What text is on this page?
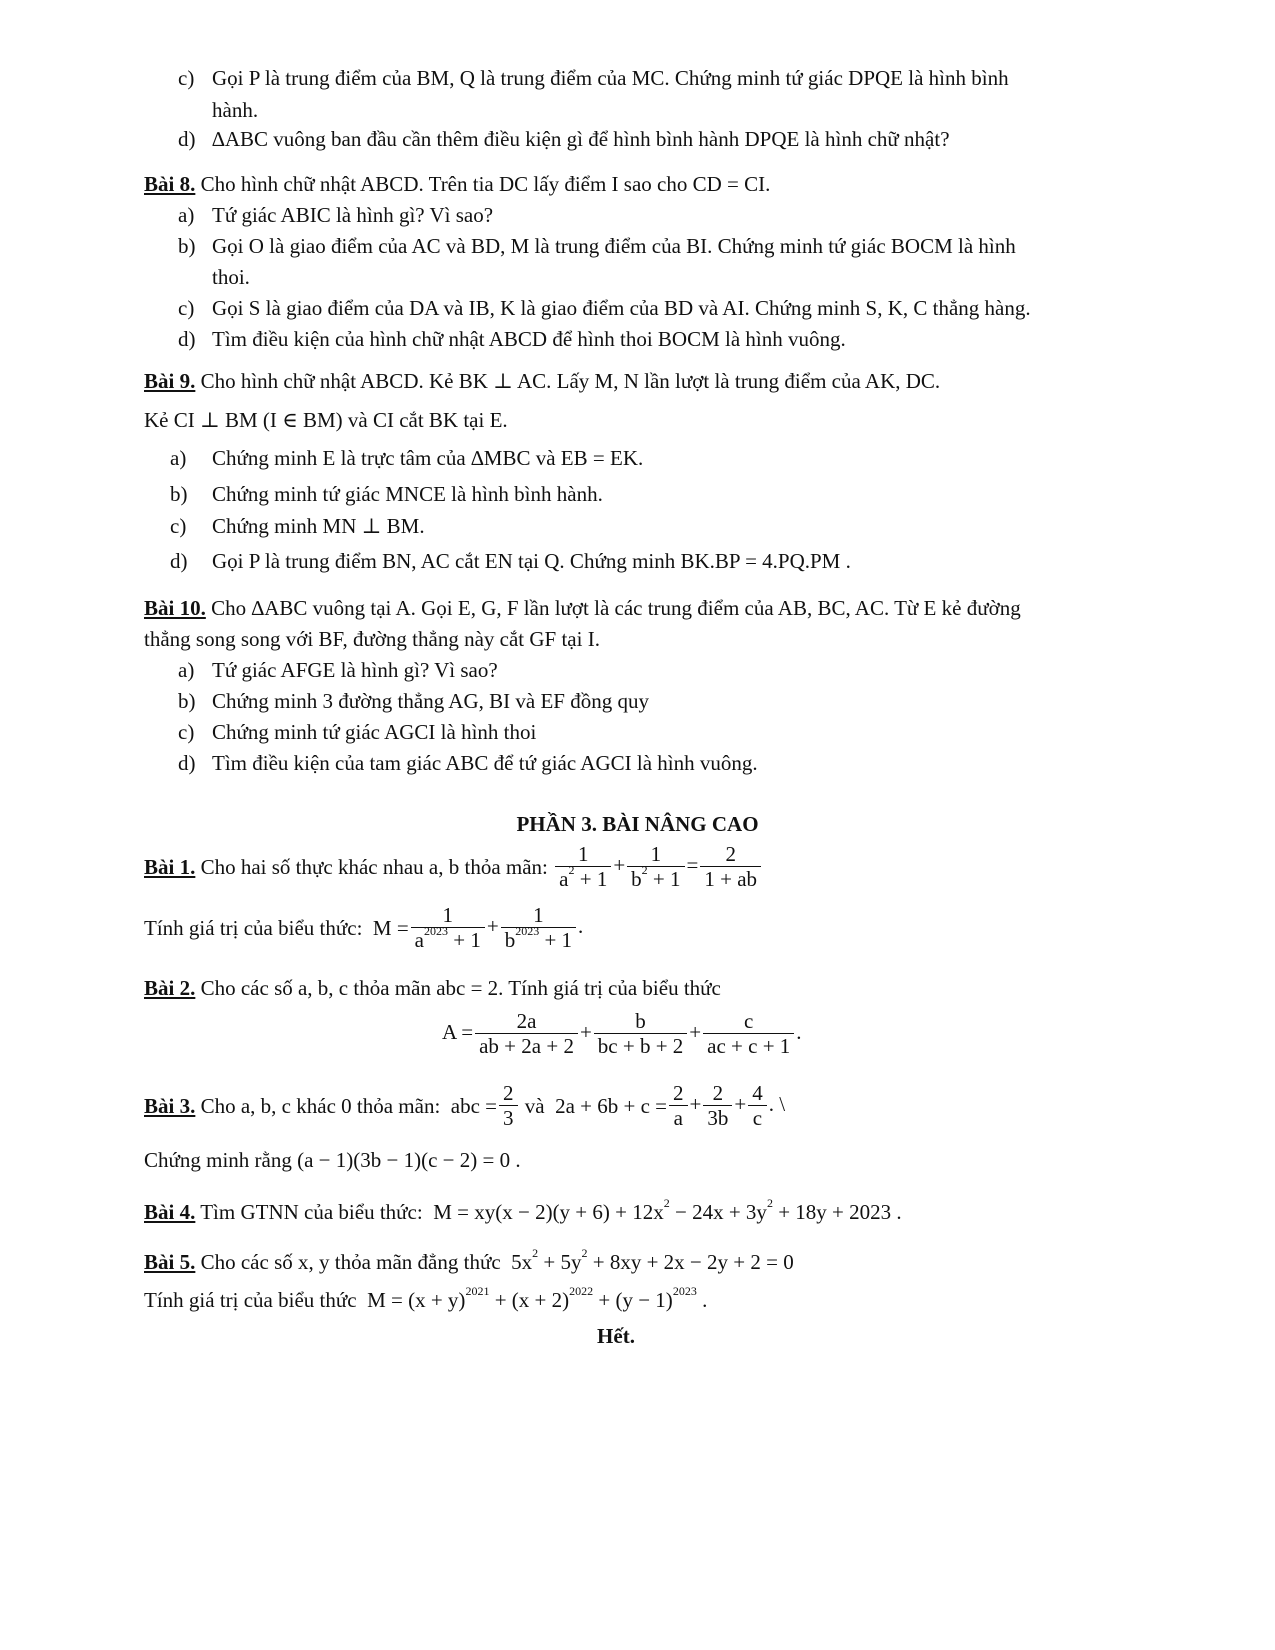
c) Gọi P là trung điểm của BM, Q là trung điểm của MC. Chứng minh tứ giác DPQE là hình bình
hành.
d) ∆ABC vuông ban đầu cần thêm điều kiện gì để hình bình hành DPQE là hình chữ nhật?
Bài 8. Cho hình chữ nhật ABCD. Trên tia DC lấy điểm I sao cho CD = CI.
a) Tứ giác ABIC là hình gì? Vì sao?
b) Gọi O là giao điểm của AC và BD, M là trung điểm của BI. Chứng minh tứ giác BOCM là hình
thoi.
c) Gọi S là giao điểm của DA và IB, K là giao điểm của BD và AI. Chứng minh S, K, C thẳng hàng.
d) Tìm điều kiện của hình chữ nhật ABCD để hình thoi BOCM là hình vuông.
Bài 9. Cho hình chữ nhật ABCD. Kẻ BK ⊥ AC. Lấy M, N lần lượt là trung điểm của AK, DC.
Kẻ CI ⊥ BM (I ∈ BM) và CI cắt BK tại E.
a) Chứng minh E là trực tâm của ∆MBC và EB = EK.
b) Chứng minh tứ giác MNCE là hình bình hành.
c) Chứng minh MN ⊥ BM.
d) Gọi P là trung điểm BN, AC cắt EN tại Q. Chứng minh BK.BP = 4.PQ.PM .
Bài 10. Cho ∆ABC vuông tại A. Gọi E, G, F lần lượt là các trung điểm của AB, BC, AC. Từ E kẻ đường
thẳng song song với BF, đường thẳng này cắt GF tại I.
a) Tứ giác AFGE là hình gì? Vì sao?
b) Chứng minh 3 đường thẳng AG, BI và EF đồng quy
c) Chứng minh tứ giác AGCI là hình thoi
d) Tìm điều kiện của tam giác ABC để tứ giác AGCI là hình vuông.
PHẦN 3. BÀI NÂNG CAO
Bài 1. Cho hai số thực khác nhau a, b thỏa mãn: $\frac{1}{a^2 + 1} + \frac{1}{b^2 + 1} = \frac{2}{1 + ab}$
Tính giá trị của biểu thức:  $M = \frac{1}{a^{2023} + 1} + \frac{1}{b^{2023} + 1}$ .
Bài 2. Cho các số a, b, c thỏa mãn abc = 2. Tính giá trị của biểu thức
$A = \frac{2a}{ab + 2a + 2} + \frac{b}{bc + b + 2} + \frac{c}{ac + c + 1}$ .
Bài 3. Cho a, b, c khác 0 thỏa mãn:  abc = $\frac{2}{3}$ và  $2a + 6b + c = \frac{2}{a} + \frac{2}{3b} + \frac{4}{c}$ . \
Chứng minh rằng (a − 1)(3b − 1)(c − 2) = 0 .
Bài 4. Tìm GTNN của biểu thức:  $M = xy(x - 2)(y + 6) + 12x^2 - 24x + 3y^2 + 18y + 2023$ .
Bài 5. Cho các số x, y thỏa mãn đẳng thức  $5x^2 + 5y^2 + 8xy + 2x - 2y + 2 = 0$
Tính giá trị của biểu thức  $M = (x + y)^{2021} + (x + 2)^{2022} + (y - 1)^{2023}$ .
Hết.
